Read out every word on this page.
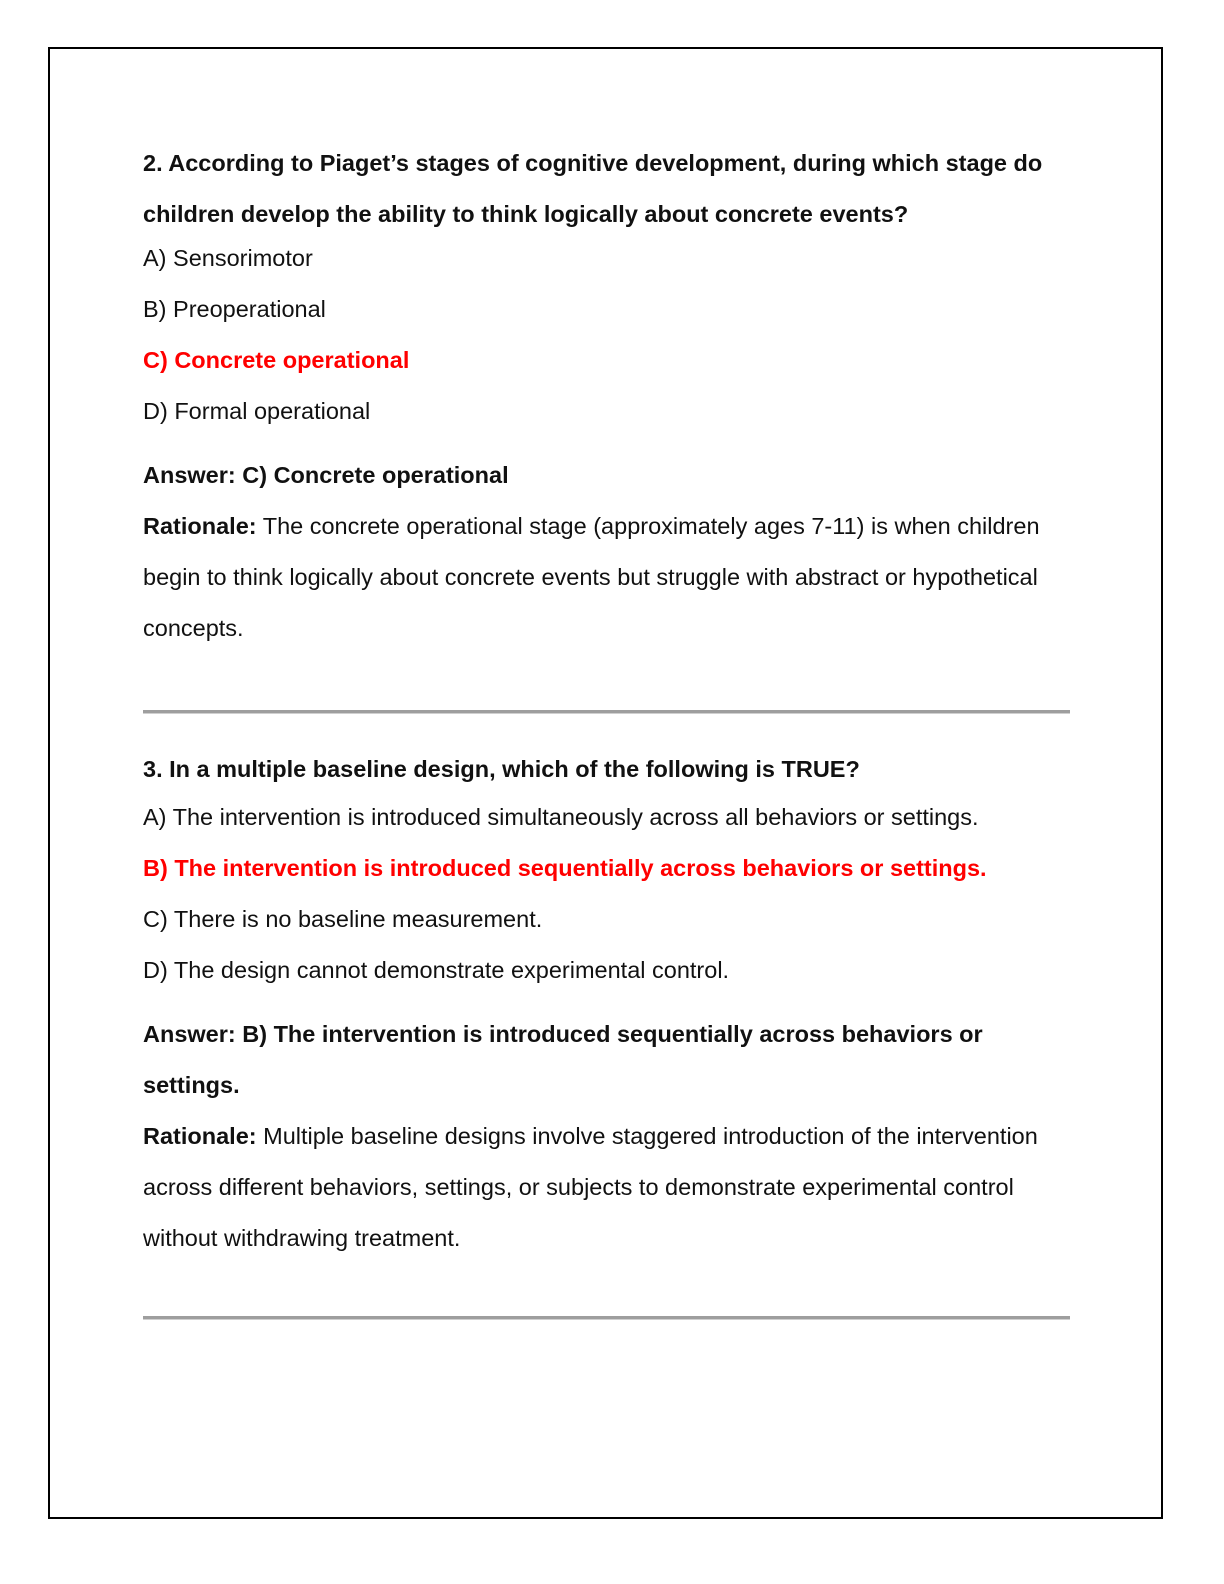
2. According to Piaget’s stages of cognitive development, during which stage do children develop the ability to think logically about concrete events?

A) Sensorimotor

B) Preoperational

C) Concrete operational

D) Formal operational

Answer: C) Concrete operational

Rationale: The concrete operational stage (approximately ages 7-11) is when children begin to think logically about concrete events but struggle with abstract or hypothetical concepts.

3. In a multiple baseline design, which of the following is TRUE?

A) The intervention is introduced simultaneously across all behaviors or settings.

B) The intervention is introduced sequentially across behaviors or settings.

C) There is no baseline measurement.

D) The design cannot demonstrate experimental control.

Answer: B) The intervention is introduced sequentially across behaviors or settings.

Rationale: Multiple baseline designs involve staggered introduction of the intervention across different behaviors, settings, or subjects to demonstrate experimental control without withdrawing treatment.
